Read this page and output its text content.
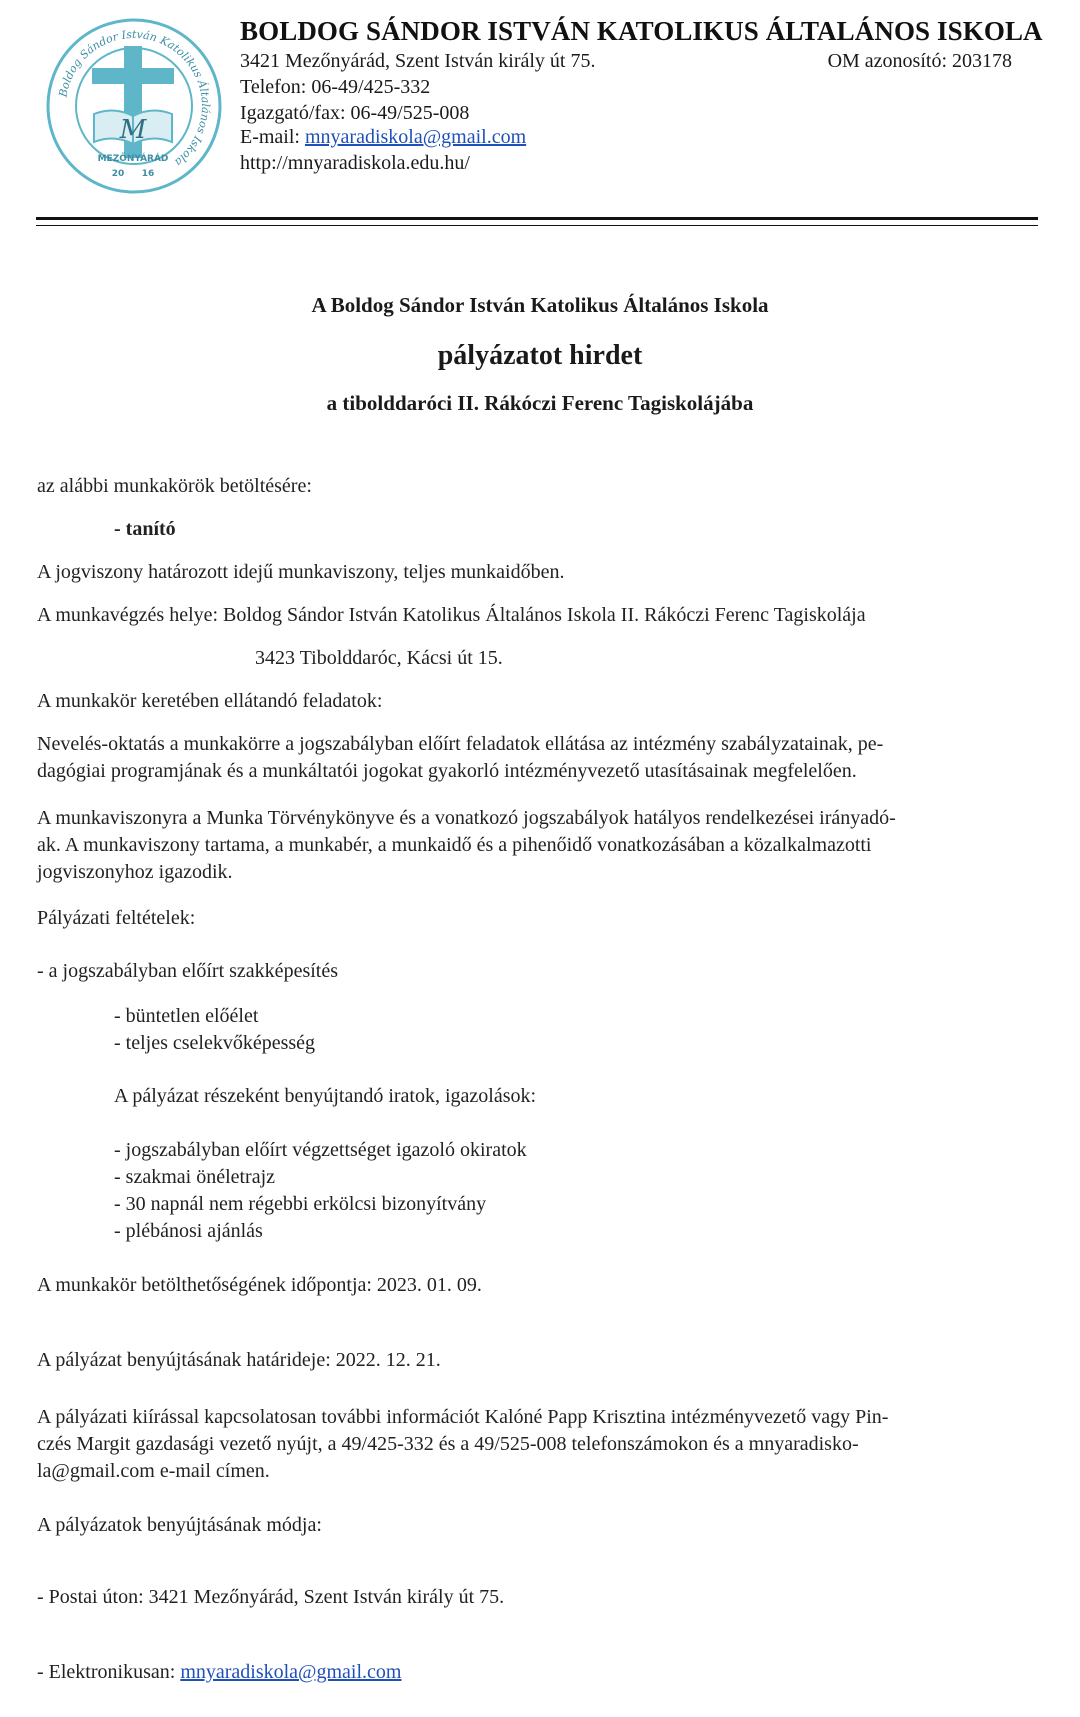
Boldog Sándor István Katolikus Általános Iskola
M
MEZŐNYÁRÁD
20 16
BOLDOG SÁNDOR ISTVÁN KATOLIKUS ÁLTALÁNOS ISKOLA
3421 Mezőnyárád, Szent István király út 75.	OM azonosító: 203178
Telefon: 06-49/425-332
Igazgató/fax: 06-49/525-008
E-mail: mnyaradiskola@gmail.com
http://mnyaradiskola.edu.hu/
A Boldog Sándor István Katolikus Általános Iskola
pályázatot hirdet
a tibolddaróci II. Rákóczi Ferenc Tagiskolájába
az alábbi munkakörök betöltésére:
- tanító
A jogviszony határozott idejű munkaviszony, teljes munkaidőben.
A munkavégzés helye: Boldog Sándor István Katolikus Általános Iskola II. Rákóczi Ferenc Tagiskolája
3423 Tibolddaróc, Kácsi út 15.
A munkakör keretében ellátandó feladatok:
Nevelés-oktatás a munkakörre a jogszabályban előírt feladatok ellátása az intézmény szabályzatainak, pe-
dagógiai programjának és a munkáltatói jogokat gyakorló intézményvezető utasításainak megfelelően.
A munkaviszonyra a Munka Törvénykönyve és a vonatkozó jogszabályok hatályos rendelkezései irányadó-
ak. A munkaviszony tartama, a munkabér, a munkaidő és a pihenőidő vonatkozásában a közalkalmazotti
jogviszonyhoz igazodik.
Pályázati feltételek:
- a jogszabályban előírt szakképesítés
- büntetlen előélet
- teljes cselekvőképesség
A pályázat részeként benyújtandó iratok, igazolások:
- jogszabályban előírt végzettséget igazoló okiratok
- szakmai önéletrajz
- 30 napnál nem régebbi erkölcsi bizonyítvány
- plébánosi ajánlás
A munkakör betölthetőségének időpontja: 2023. 01. 09.
A pályázat benyújtásának határideje: 2022. 12. 21.
A pályázati kiírással kapcsolatosan további információt Kalóné Papp Krisztina intézményvezető vagy Pin-
czés Margit gazdasági vezető nyújt, a 49/425-332 és a 49/525-008 telefonszámokon és a mnyaradisko-
la@gmail.com e-mail címen.
A pályázatok benyújtásának módja:
- Postai úton: 3421 Mezőnyárád, Szent István király út 75.
- Elektronikusan: mnyaradiskola@gmail.com
